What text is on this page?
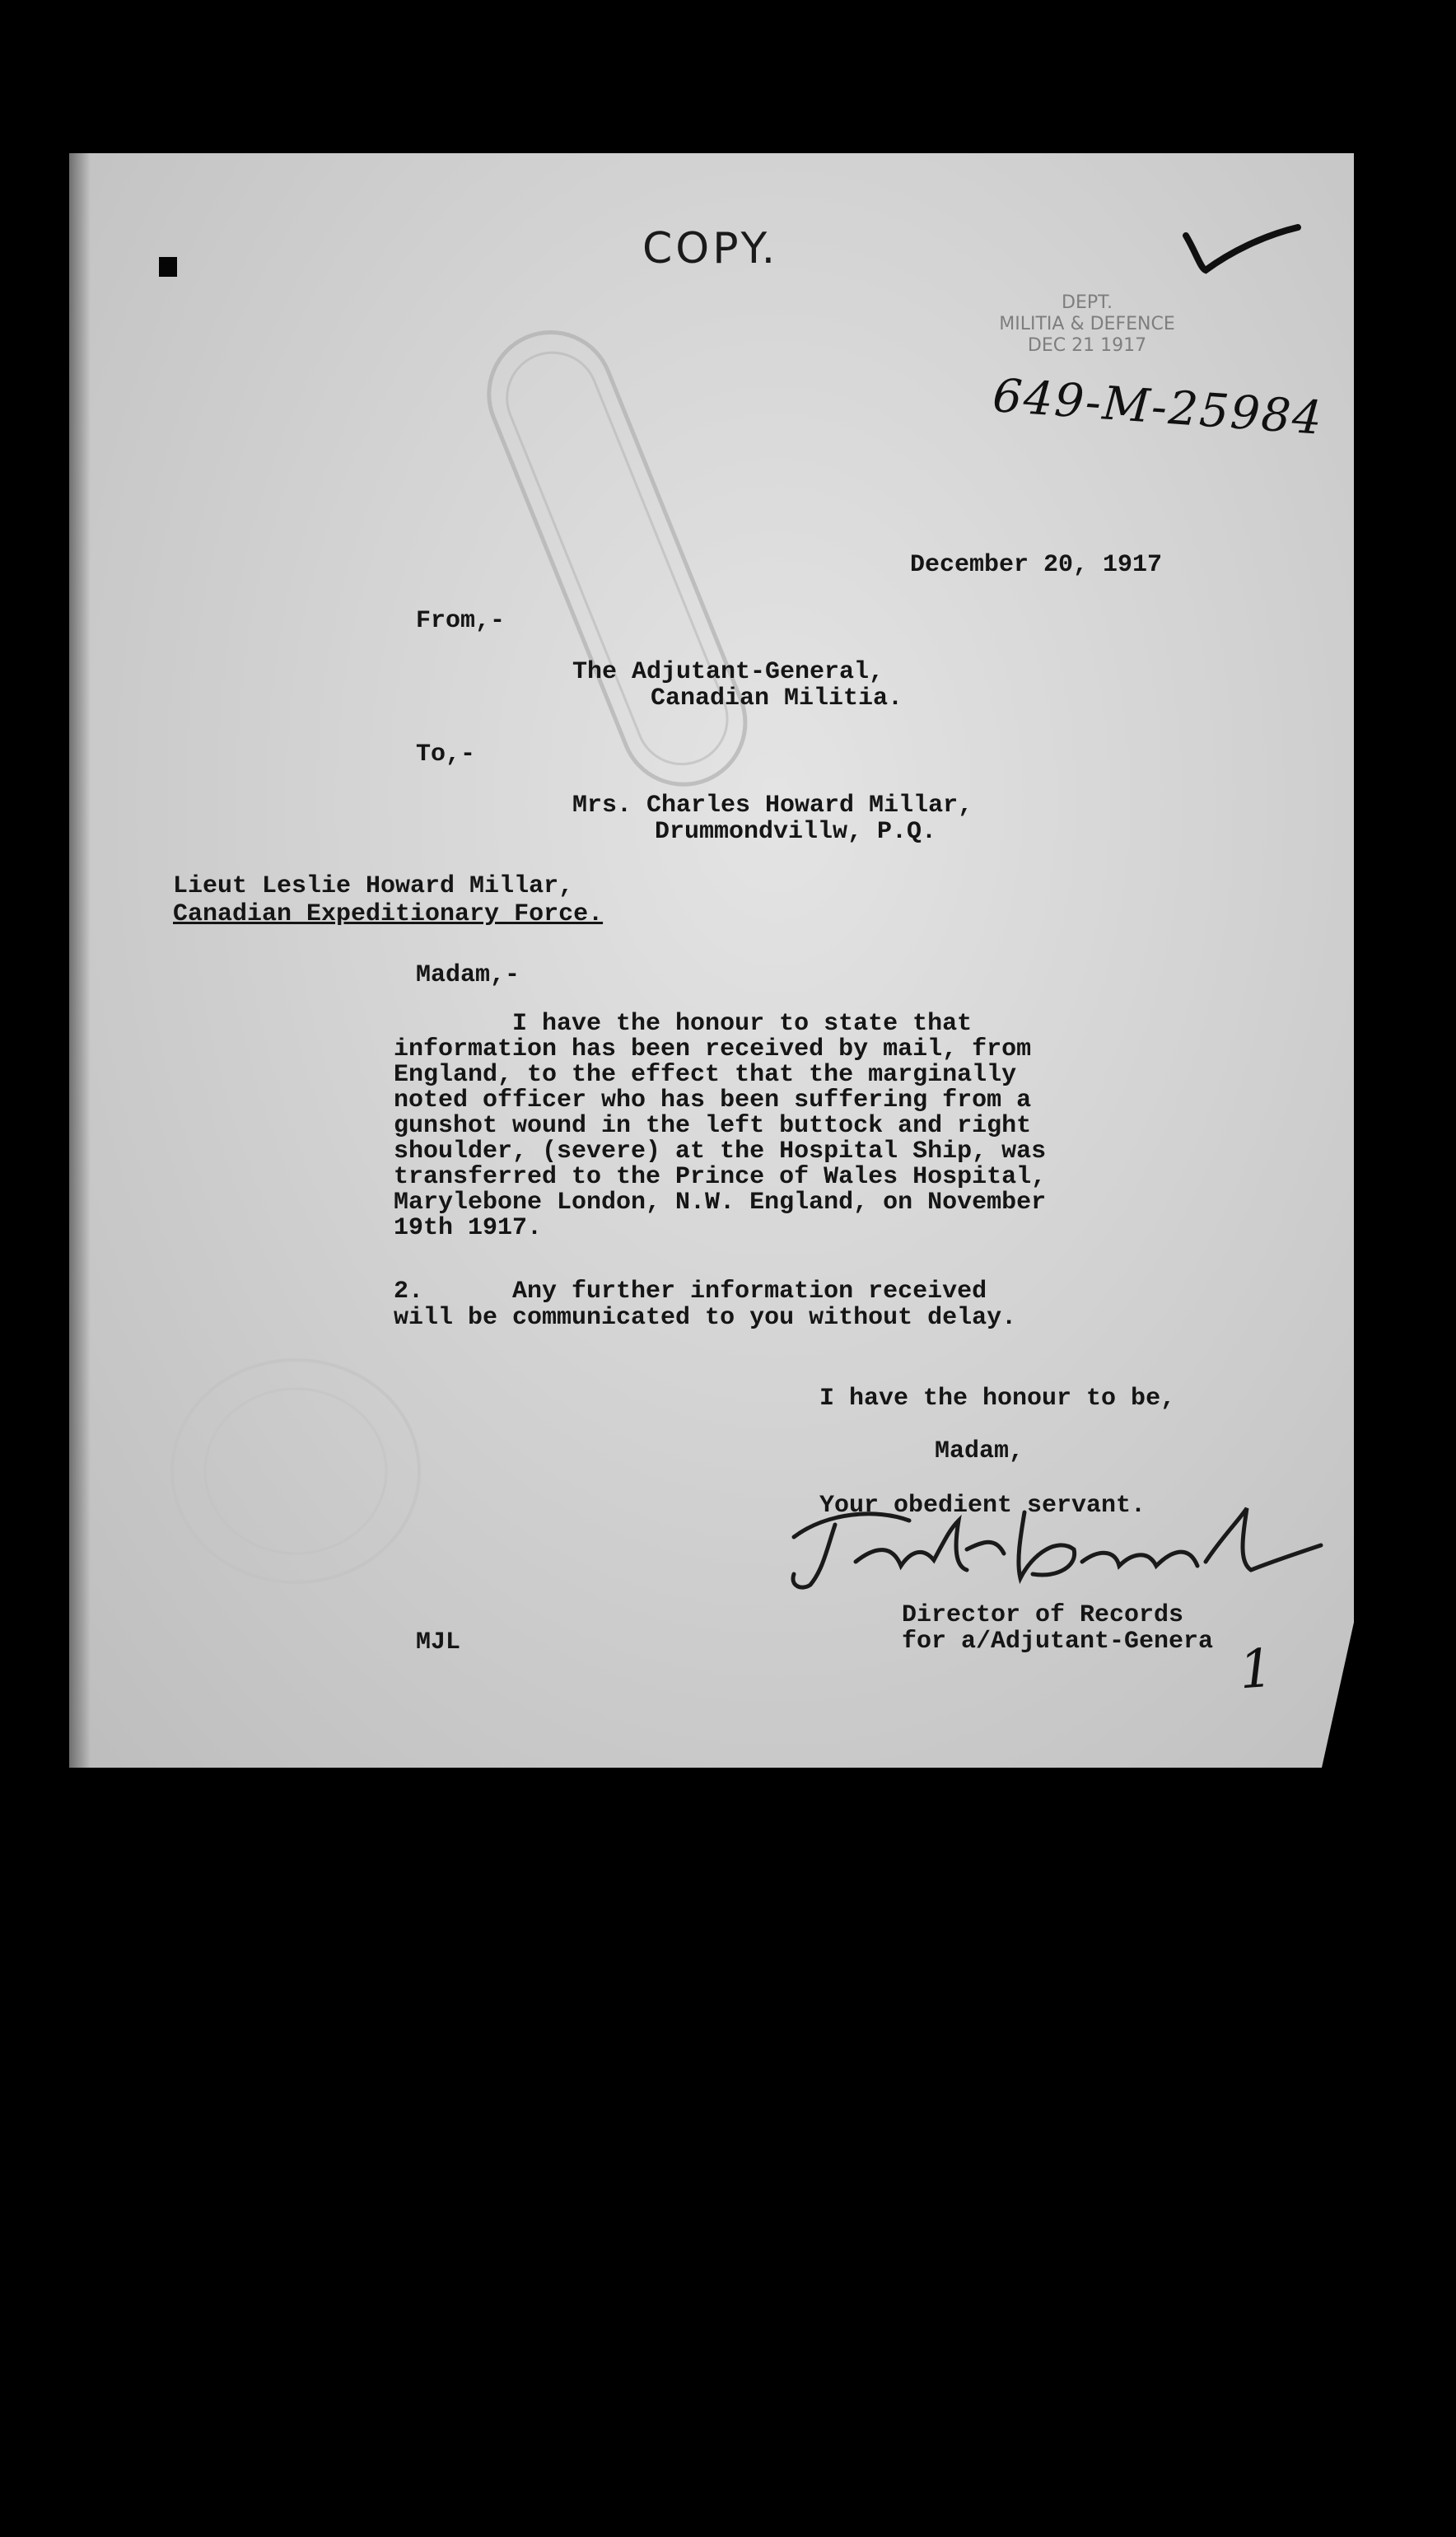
COPY.
DEPT.
MILITIA & DEFENCE
DEC 21 1917
649-M-25984

December 20, 1917

From,-

The Adjutant-General,

Canadian Militia.

To,-

Mrs. Charles Howard Millar,

Drummondvillw, P.Q.

Lieut Leslie Howard Millar,

Canadian Expeditionary Force.

Madam,-

I have the honour to state that
information has been received by mail, from
England, to the effect that the marginally
noted officer who has been suffering from a
gunshot wound in the left buttock and right
shoulder, (severe) at the Hospital Ship, was
transferred to the Prince of Wales Hospital,
Marylebone London, N.W. England, on November
19th 1917.

2.      Any further information received
will be communicated to you without delay.

I have the honour to be,

Madam,

Your obedient servant.

Director of Records

for a/Adjutant-Genera

MJL	1
